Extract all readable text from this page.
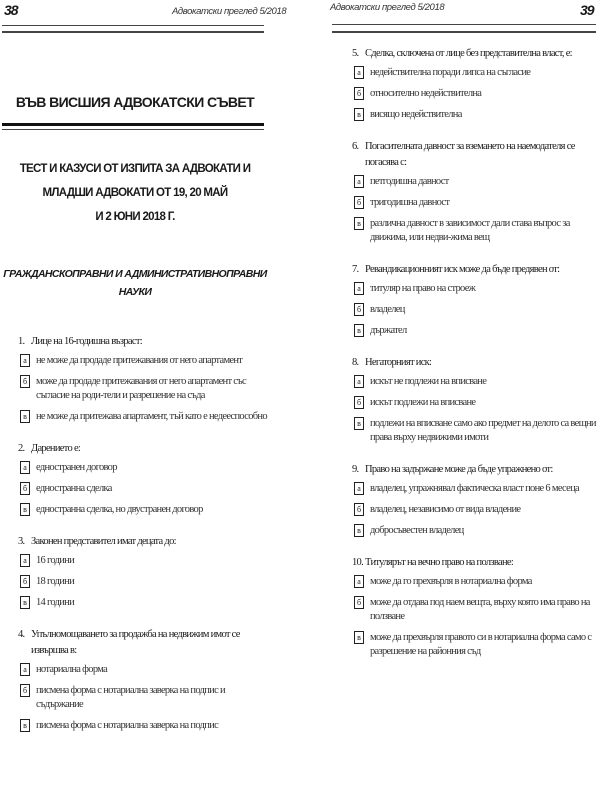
38	Адвокатски преглед 5/2018
ВЪВ ВИСШИЯ АДВОКАТСКИ СЪВЕТ
ТЕСТ И КАЗУСИ ОТ ИЗПИТА ЗА АДВОКАТИ И
МЛАДШИ АДВОКАТИ ОТ 19, 20 МАЙ
И 2 ЮНИ 2018 Г.
ГРАЖДАНСКОПРАВНИ И АДМИНИСТРАТИВНОПРАВНИ
НАУКИ
1. Лице на 16-годишна възраст:
а не може да продаде притежавания от него апартамент
б може да продаде притежавания от него апартамент със съгласие на роди-тели и разрешение на съда
в не може да притежава апартамент, тъй като е недееспособно
2. Дарението е:
а едностранен договор
б едностранна сделка
в едностранна сделка, но двустранен договор
3. Законен представител имат децата до:
а 16 години
б 18 години
в 14 години
4. Упълномощаването за продажба на недвижим имот се извършва в:
а нотариална форма
б писмена форма с нотариална заверка на подпис и съдържание
в писмена форма с нотариална заверка на подпис
Адвокатски преглед 5/2018	39
5. Сделка, сключена от лице без представителна власт, е:
а недействителна поради липса на съгласие
б относително недействителна
в висящо недействителна
6. Погасителната давност за вземането на наемодателя се погасява с:
а петгодишна давност
б тригодишна давност
в различна давност в зависимост дали става въпрос за движима, или недви-жима вещ
7. Ревандикационният иск може да бъде предявен от:
а титуляр на право на строеж
б владелец
в държател
8. Негаторният иск:
а искът не подлежи на вписване
б искът подлежи на вписване
в подлежи на вписване само ако предмет на делото са вещни права върху недвижими имоти
9. Право на задържане може да бъде упражнено от:
а владелец, упражнявал фактическа власт поне 6 месеца
б владелец, независимо от вида владение
в добросъвестен владелец
10. Титулярът на вечно право на ползване:
а може да го прехвърля в нотариална форма
б може да отдава под наем вещта, върху която има право на ползване
в може да прехвърля правото си в нотариална форма само с разрешение на районния съд
